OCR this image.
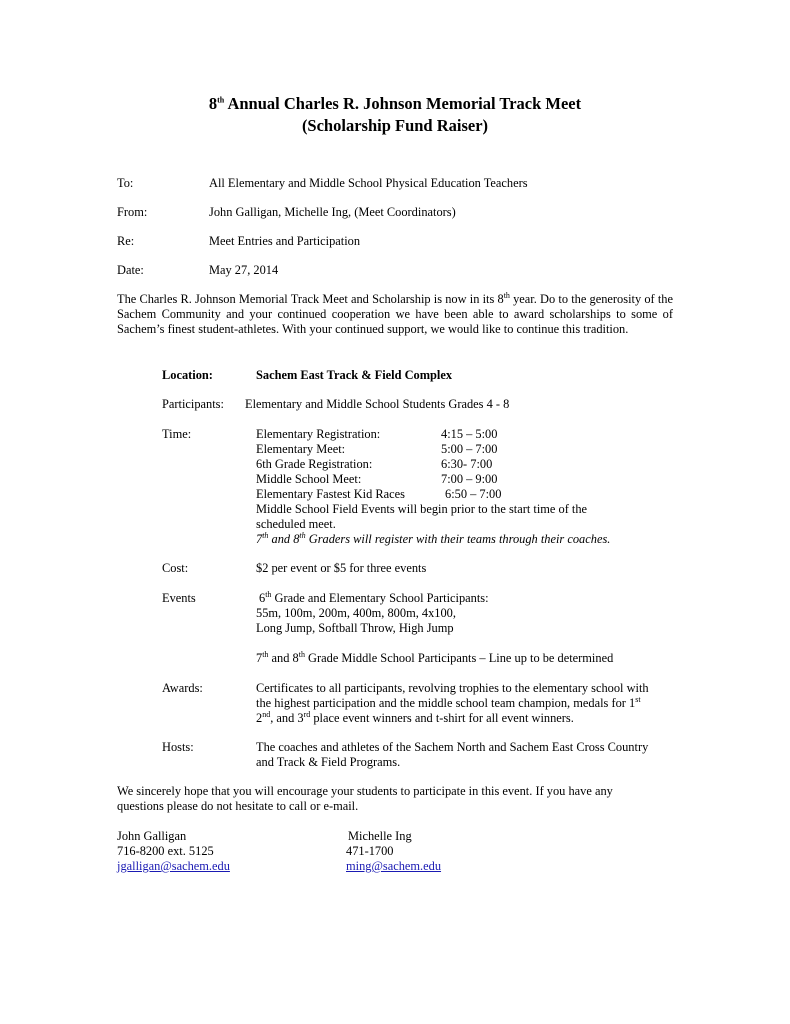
8th Annual Charles R. Johnson Memorial Track Meet
(Scholarship Fund Raiser)
To:	All Elementary and Middle School Physical Education Teachers
From:	John Galligan, Michelle Ing, (Meet Coordinators)
Re:	Meet Entries and Participation
Date:	May 27, 2014
The Charles R. Johnson Memorial Track Meet and Scholarship is now in its 8th year. Do to the generosity of the Sachem Community and your continued cooperation we have been able to award scholarships to some of Sachem’s finest student-athletes. With your continued support, we would like to continue this tradition.
Location:	Sachem East Track & Field Complex
Participants: Elementary and Middle School Students Grades 4 - 8
Time:	Elementary Registration:	4:15 – 5:00
Elementary Meet:	5:00 – 7:00
6th Grade Registration:	6:30- 7:00
Middle School Meet:	7:00 – 9:00
Elementary Fastest Kid Races	6:50 – 7:00
Middle School Field Events will begin prior to the start time of the
scheduled meet.
7th and 8th Graders will register with their teams through their coaches.
Cost:	$2 per event or $5 for three events
Events	6th Grade and Elementary School Participants:
55m, 100m, 200m, 400m, 800m, 4x100,
Long Jump, Softball Throw, High Jump
7th and 8th Grade Middle School Participants – Line up to be determined
Awards:	Certificates to all participants, revolving trophies to the elementary school with
the highest participation and the middle school team champion, medals for 1st
2nd, and 3rd place event winners and t-shirt for all event winners.
Hosts:	The coaches and athletes of the Sachem North and Sachem East Cross Country
and Track & Field Programs.
We sincerely hope that you will encourage your students to participate in this event. If you have any
questions please do not hesitate to call or e-mail.
John Galligan
716-8200 ext. 5125
jgalligan@sachem.edu
Michelle Ing
471-1700
ming@sachem.edu
